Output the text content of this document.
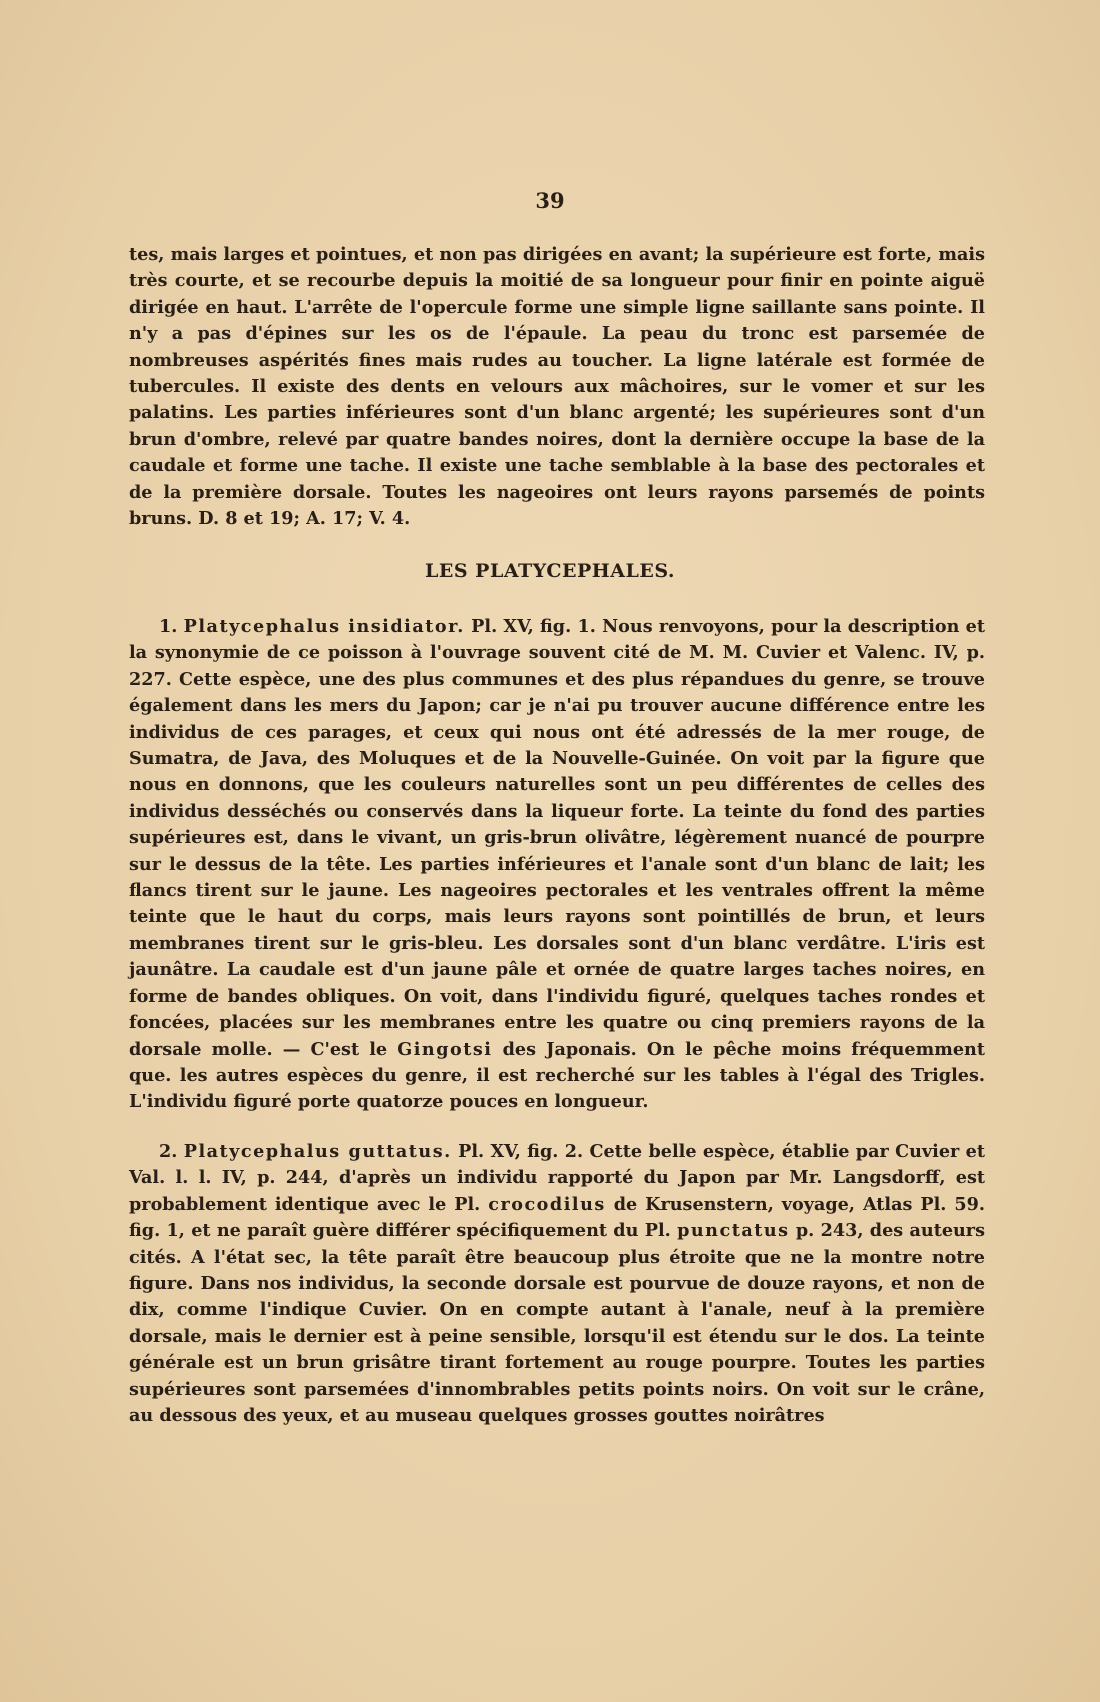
39

tes, mais larges et pointues, et non pas dirigées en avant; la supérieure est forte, mais très courte, et se recourbe depuis la moitié de sa longueur pour finir en pointe aiguë dirigée en haut. L'arrête de l'opercule forme une simple ligne saillante sans pointe. Il n'y a pas d'épines sur les os de l'épaule. La peau du tronc est parsemée de nombreuses aspérités fines mais rudes au toucher. La ligne latérale est formée de tubercules. Il existe des dents en velours aux mâchoires, sur le vomer et sur les palatins. Les parties inférieures sont d'un blanc argenté; les supérieures sont d'un brun d'ombre, relevé par quatre bandes noires, dont la dernière occupe la base de la caudale et forme une tache. Il existe une tache semblable à la base des pectorales et de la première dorsale. Toutes les nageoires ont leurs rayons parsemés de points bruns. D. 8 et 19; A. 17; V. 4.

LES PLATYCEPHALES.

1. Platycephalus insidiator. Pl. XV, fig. 1. Nous renvoyons, pour la description et la synonymie de ce poisson à l'ouvrage souvent cité de M. M. Cuvier et Valenc. IV, p. 227. Cette espèce, une des plus communes et des plus répandues du genre, se trouve également dans les mers du Japon; car je n'ai pu trouver aucune différence entre les individus de ces parages, et ceux qui nous ont été adressés de la mer rouge, de Sumatra, de Java, des Moluques et de la Nouvelle-Guinée. On voit par la figure que nous en donnons, que les couleurs naturelles sont un peu différentes de celles des individus desséchés ou conservés dans la liqueur forte. La teinte du fond des parties supérieures est, dans le vivant, un gris-brun olivâtre, légèrement nuancé de pourpre sur le dessus de la tête. Les parties inférieures et l'anale sont d'un blanc de lait; les flancs tirent sur le jaune. Les nageoires pectorales et les ventrales offrent la même teinte que le haut du corps, mais leurs rayons sont pointillés de brun, et leurs membranes tirent sur le gris-bleu. Les dorsales sont d'un blanc verdâtre. L'iris est jaunâtre. La caudale est d'un jaune pâle et ornée de quatre larges taches noires, en forme de bandes obliques. On voit, dans l'individu figuré, quelques taches rondes et foncées, placées sur les membranes entre les quatre ou cinq premiers rayons de la dorsale molle. — C'est le Gingotsi des Japonais. On le pêche moins fréquemment que. les autres espèces du genre, il est recherché sur les tables à l'égal des Trigles. L'individu figuré porte quatorze pouces en longueur.

2. Platycephalus guttatus. Pl. XV, fig. 2. Cette belle espèce, établie par Cuvier et Val. l. l. IV, p. 244, d'après un individu rapporté du Japon par Mr. Langsdorff, est probablement identique avec le Pl. crocodilus de Krusenstern, voyage, Atlas Pl. 59. fig. 1, et ne paraît guère différer spécifiquement du Pl. punctatus p. 243, des auteurs cités. A l'état sec, la tête paraît être beaucoup plus étroite que ne la montre notre figure. Dans nos individus, la seconde dorsale est pourvue de douze rayons, et non de dix, comme l'indique Cuvier. On en compte autant à l'anale, neuf à la première dorsale, mais le dernier est à peine sensible, lorsqu'il est étendu sur le dos. La teinte générale est un brun grisâtre tirant fortement au rouge pourpre. Toutes les parties supérieures sont parsemées d'innombrables petits points noirs. On voit sur le crâne, au dessous des yeux, et au museau quelques grosses gouttes noirâtres
